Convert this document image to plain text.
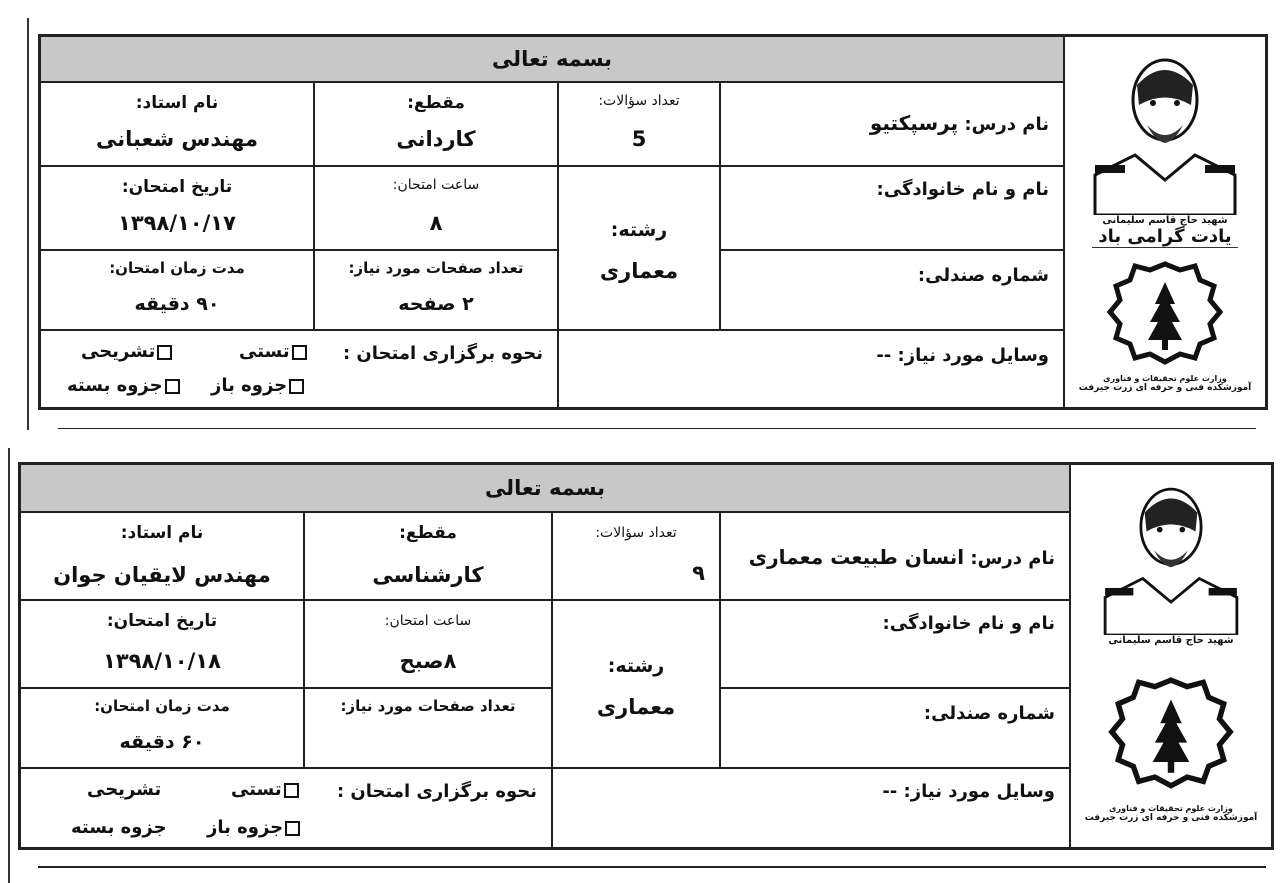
بسمه تعالی
شهید حاج قاسم سلیمانی
یادت گرامی باد
وزارت علوم تحقیقات و فناوری
آموزشکده فنی و حرفه ای زرت جیرفت
نام درس: پرسپکتیو
تعداد سؤالات:
5
مقطع:
کاردانی
نام استاد:
مهندس شعبانی
نام و نام خانوادگی:
رشته:
معماری
ساعت امتحان:
۸
تاریخ امتحان:
۱۳۹۸/۱۰/۱۷
شماره صندلی:
تعداد صفحات مورد نیاز:
۲ صفحه
مدت زمان امتحان:
۹۰ دقیقه
وسایل مورد نیاز: --
نحوه برگزاری امتحان :
تستی
تشریحی
جزوه باز
جزوه بسته
بسمه تعالی
شهید حاج قاسم سلیمانی
وزارت علوم تحقیقات و فناوری
آموزشکده فنی و حرفه ای زرت جیرفت
نام درس: انسان طبیعت معماری
تعداد سؤالات:
۹
مقطع:
کارشناسی
نام استاد:
مهندس لایقیان جوان
نام و نام خانوادگی:
رشته:
معماری
ساعت امتحان:
۸صبح
تاریخ امتحان:
۱۳۹۸/۱۰/۱۸
شماره صندلی:
تعداد صفحات مورد نیاز:
مدت زمان امتحان:
۶۰ دقیقه
وسایل مورد نیاز: --
نحوه برگزاری امتحان :
تستی
تشریحی
جزوه باز
جزوه بسته
